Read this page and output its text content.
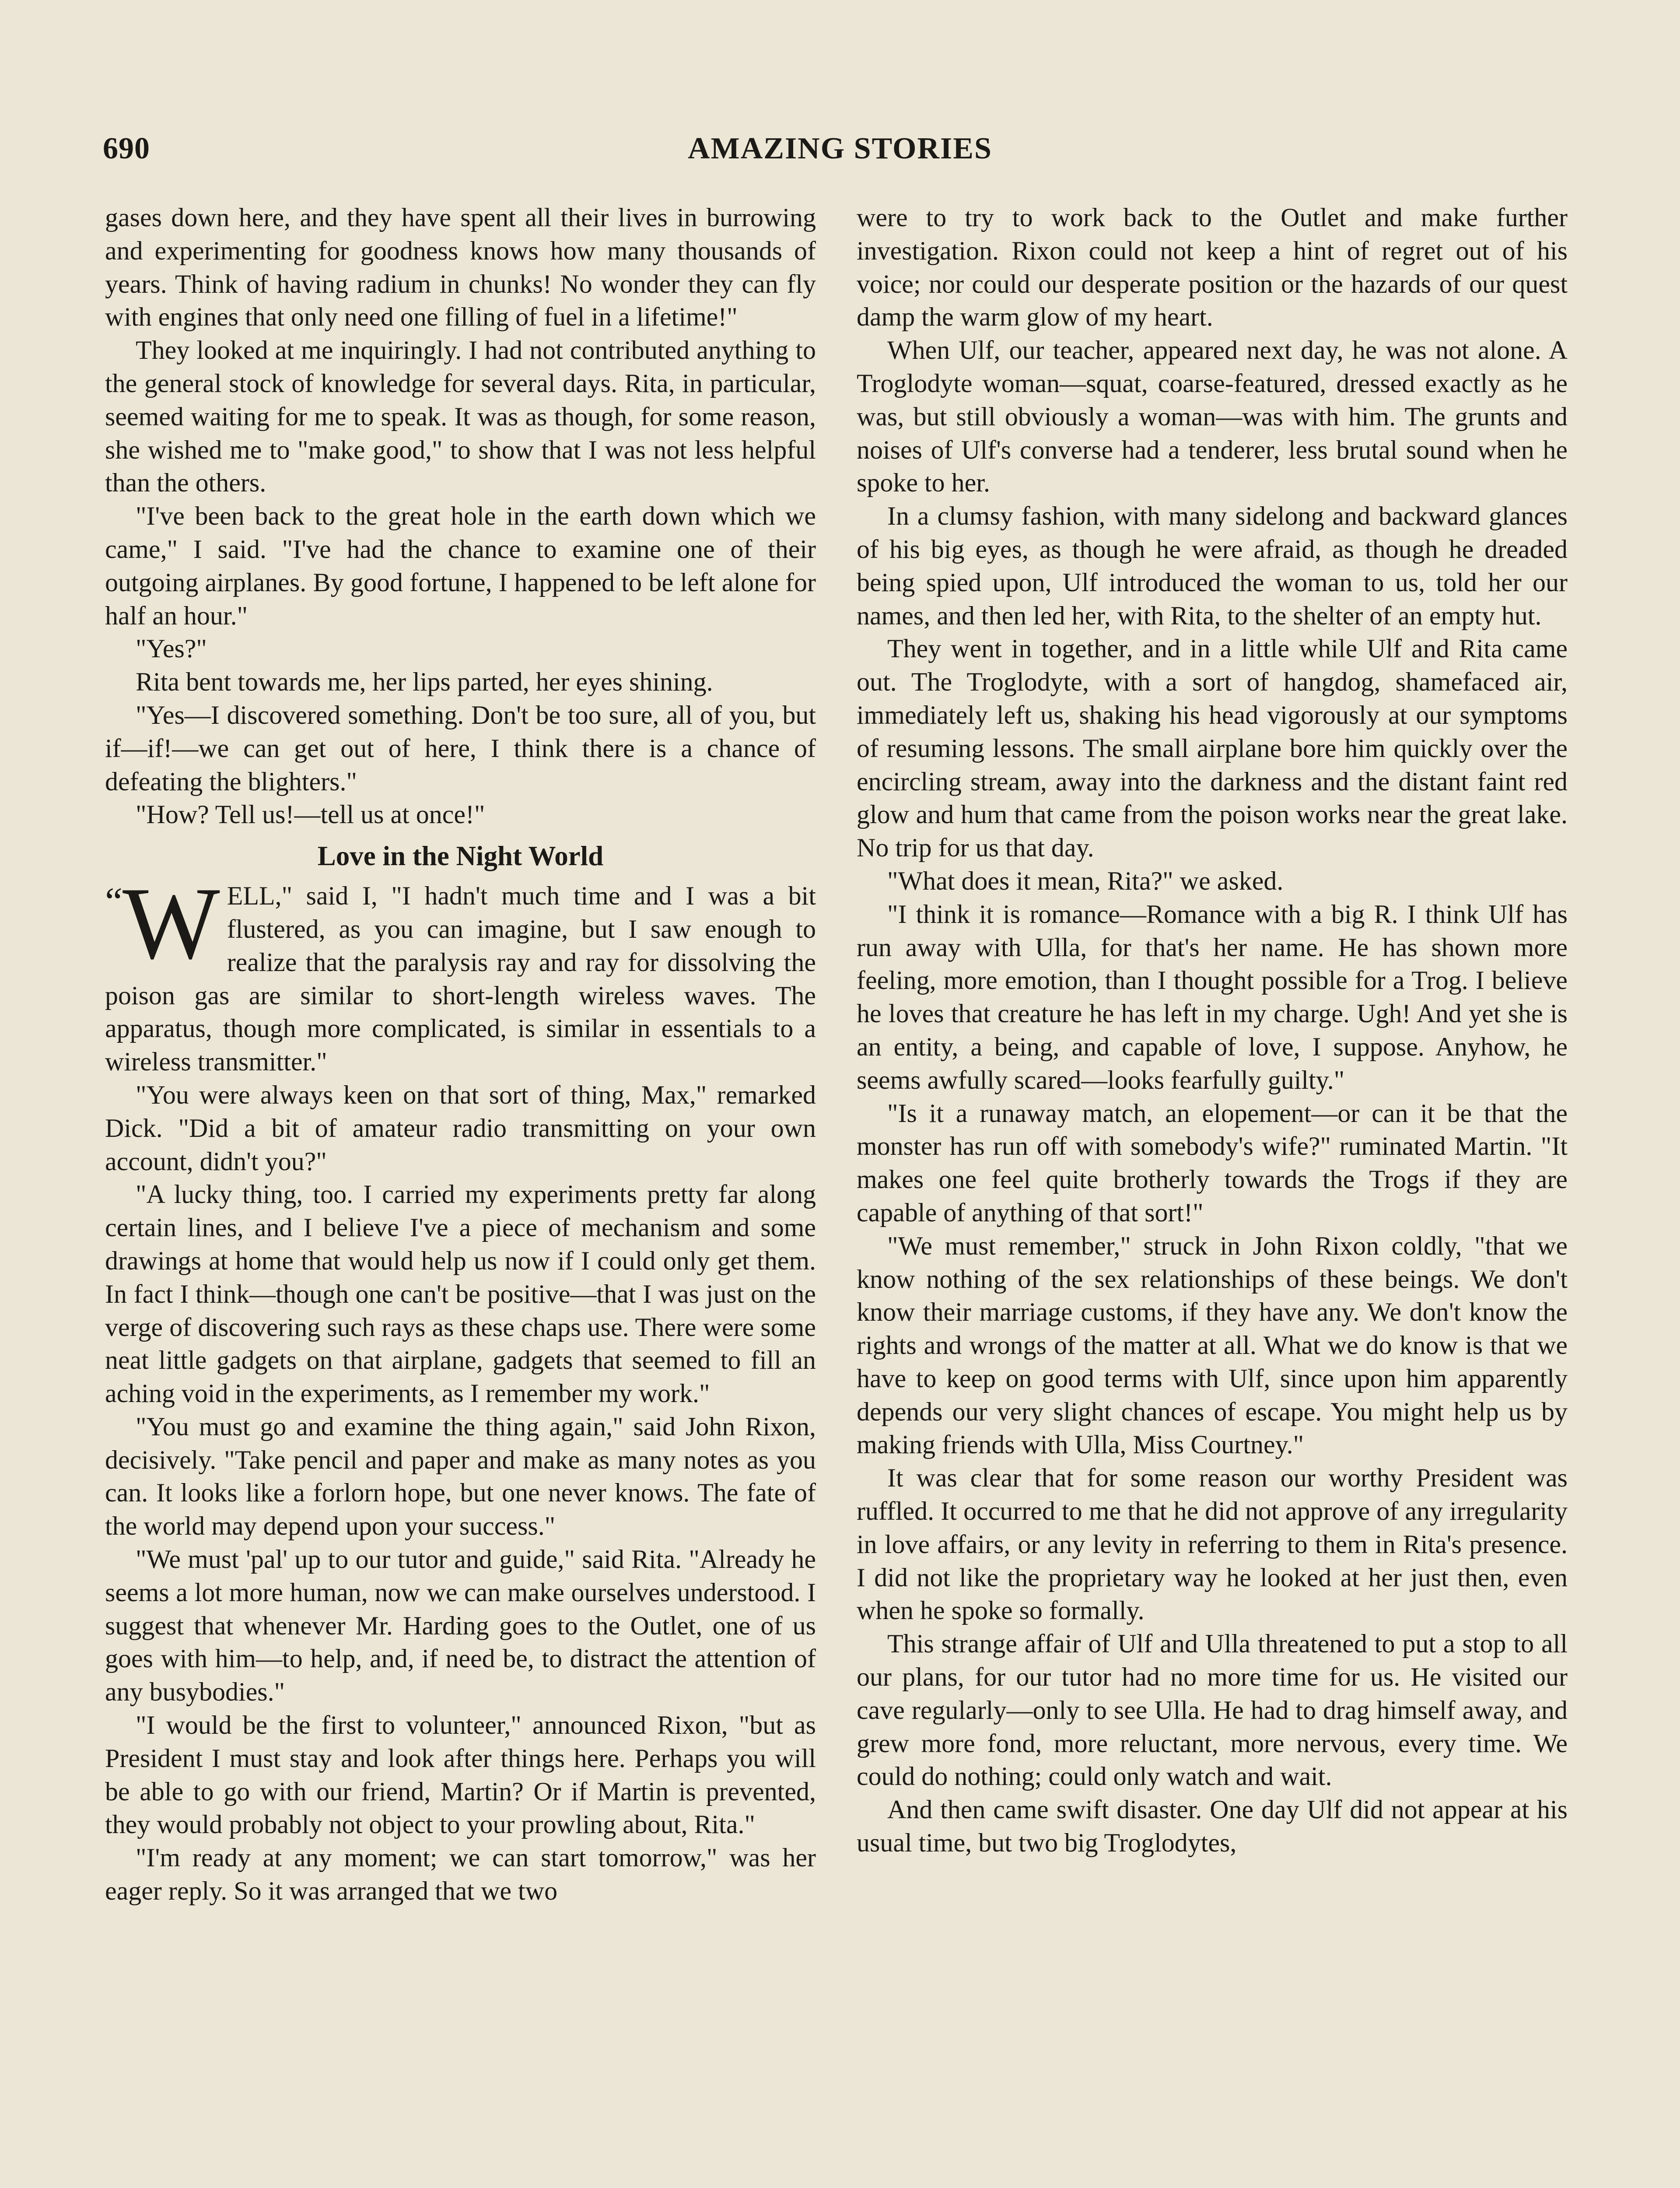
690	AMAZING STORIES

gases down here, and they have spent all their lives in burrowing and experimenting for goodness knows how many thousands of years. Think of having radium in chunks! No wonder they can fly with engines that only need one filling of fuel in a lifetime!"

They looked at me inquiringly. I had not contributed anything to the general stock of knowledge for several days. Rita, in particular, seemed waiting for me to speak. It was as though, for some reason, she wished me to "make good," to show that I was not less helpful than the others.

"I've been back to the great hole in the earth down which we came," I said. "I've had the chance to examine one of their outgoing airplanes. By good fortune, I happened to be left alone for half an hour."

"Yes?"

Rita bent towards me, her lips parted, her eyes shining.

"Yes—I discovered something. Don't be too sure, all of you, but if—if!—we can get out of here, I think there is a chance of defeating the blighters."

"How? Tell us!—tell us at once!"

Love in the Night World

“W ELL," said I, "I hadn't much time and I was a bit flustered, as you can imagine, but I saw enough to realize that the paralysis ray and ray for dissolving the poison gas are similar to short-length wireless waves. The apparatus, though more complicated, is similar in essentials to a wireless transmitter."

"You were always keen on that sort of thing, Max," remarked Dick. "Did a bit of amateur radio transmitting on your own account, didn't you?"

"A lucky thing, too. I carried my experiments pretty far along certain lines, and I believe I've a piece of mechanism and some drawings at home that would help us now if I could only get them. In fact I think—though one can't be positive—that I was just on the verge of discovering such rays as these chaps use. There were some neat little gadgets on that airplane, gadgets that seemed to fill an aching void in the experiments, as I remember my work."

"You must go and examine the thing again," said John Rixon, decisively. "Take pencil and paper and make as many notes as you can. It looks like a forlorn hope, but one never knows. The fate of the world may depend upon your success."

"We must 'pal' up to our tutor and guide," said Rita. "Already he seems a lot more human, now we can make ourselves understood. I suggest that whenever Mr. Harding goes to the Outlet, one of us goes with him—to help, and, if need be, to distract the attention of any busybodies."

"I would be the first to volunteer," announced Rixon, "but as President I must stay and look after things here. Perhaps you will be able to go with our friend, Martin? Or if Martin is prevented, they would probably not object to your prowling about, Rita."

"I'm ready at any moment; we can start tomorrow," was her eager reply. So it was arranged that we two

were to try to work back to the Outlet and make further investigation. Rixon could not keep a hint of regret out of his voice; nor could our desperate position or the hazards of our quest damp the warm glow of my heart.

When Ulf, our teacher, appeared next day, he was not alone. A Troglodyte woman—squat, coarse-featured, dressed exactly as he was, but still obviously a woman—was with him. The grunts and noises of Ulf's converse had a tenderer, less brutal sound when he spoke to her.

In a clumsy fashion, with many sidelong and backward glances of his big eyes, as though he were afraid, as though he dreaded being spied upon, Ulf introduced the woman to us, told her our names, and then led her, with Rita, to the shelter of an empty hut.

They went in together, and in a little while Ulf and Rita came out. The Troglodyte, with a sort of hangdog, shamefaced air, immediately left us, shaking his head vigorously at our symptoms of resuming lessons. The small airplane bore him quickly over the encircling stream, away into the darkness and the distant faint red glow and hum that came from the poison works near the great lake. No trip for us that day.

"What does it mean, Rita?" we asked.

"I think it is romance—Romance with a big R. I think Ulf has run away with Ulla, for that's her name. He has shown more feeling, more emotion, than I thought possible for a Trog. I believe he loves that creature he has left in my charge. Ugh! And yet she is an entity, a being, and capable of love, I suppose. Anyhow, he seems awfully scared—looks fearfully guilty."

"Is it a runaway match, an elopement—or can it be that the monster has run off with somebody's wife?" ruminated Martin. "It makes one feel quite brotherly towards the Trogs if they are capable of anything of that sort!"

"We must remember," struck in John Rixon coldly, "that we know nothing of the sex relationships of these beings. We don't know their marriage customs, if they have any. We don't know the rights and wrongs of the matter at all. What we do know is that we have to keep on good terms with Ulf, since upon him apparently depends our very slight chances of escape. You might help us by making friends with Ulla, Miss Courtney."

It was clear that for some reason our worthy President was ruffled. It occurred to me that he did not approve of any irregularity in love affairs, or any levity in referring to them in Rita's presence. I did not like the proprietary way he looked at her just then, even when he spoke so formally.

This strange affair of Ulf and Ulla threatened to put a stop to all our plans, for our tutor had no more time for us. He visited our cave regularly—only to see Ulla. He had to drag himself away, and grew more fond, more reluctant, more nervous, every time. We could do nothing; could only watch and wait.

And then came swift disaster. One day Ulf did not appear at his usual time, but two big Troglodytes,
